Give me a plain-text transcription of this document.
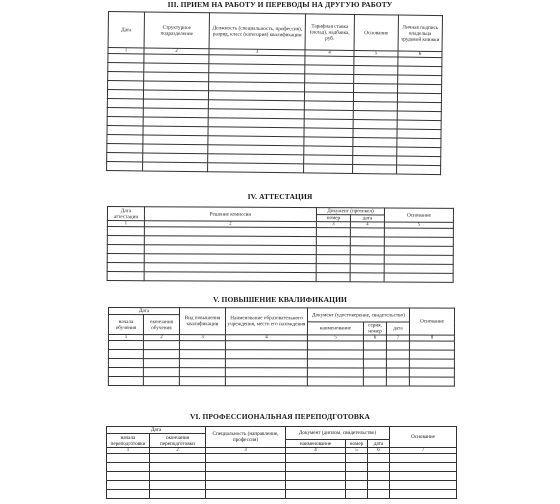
III. ПРИЕМ НА РАБОТУ И ПЕРЕВОДЫ НА ДРУГУЮ РАБОТУ
Дата	Структурное подразделение	Должность (специальность, профессия), разряд, класс (категория) квалификации	Тарифная ставка (оклад), надбавка, руб.	Основание	Личная подпись владельца трудовой книжки
1	2	3	4	5	6

IV. АТТЕСТАЦИЯ
Дата аттестации	Решение комиссии	Документ (протокол)		Основание
		номер	дата	
1	2	3	4	5

V. ПОВЫШЕНИЕ КВАЛИФИКАЦИИ
Дата		Вид повышения квалификации	Наименование образовательного учреждения, место его нахождения	Документ (удостоверение, свидетельство)			Основание
начала обучения	окончания обучения						
				наименование	серия, номер	дата	
1	2	3	4	5	6	7	8

VI. ПРОФЕССИОНАЛЬНАЯ ПЕРЕПОДГОТОВКА
Дата		Специальность (направление, профессия)	Документ (диплом, свидетельство)			Основание
начала переподготовки	окончания переподготовки					
			наименование	номер	дата	
1	2	3	4	5	6	7
